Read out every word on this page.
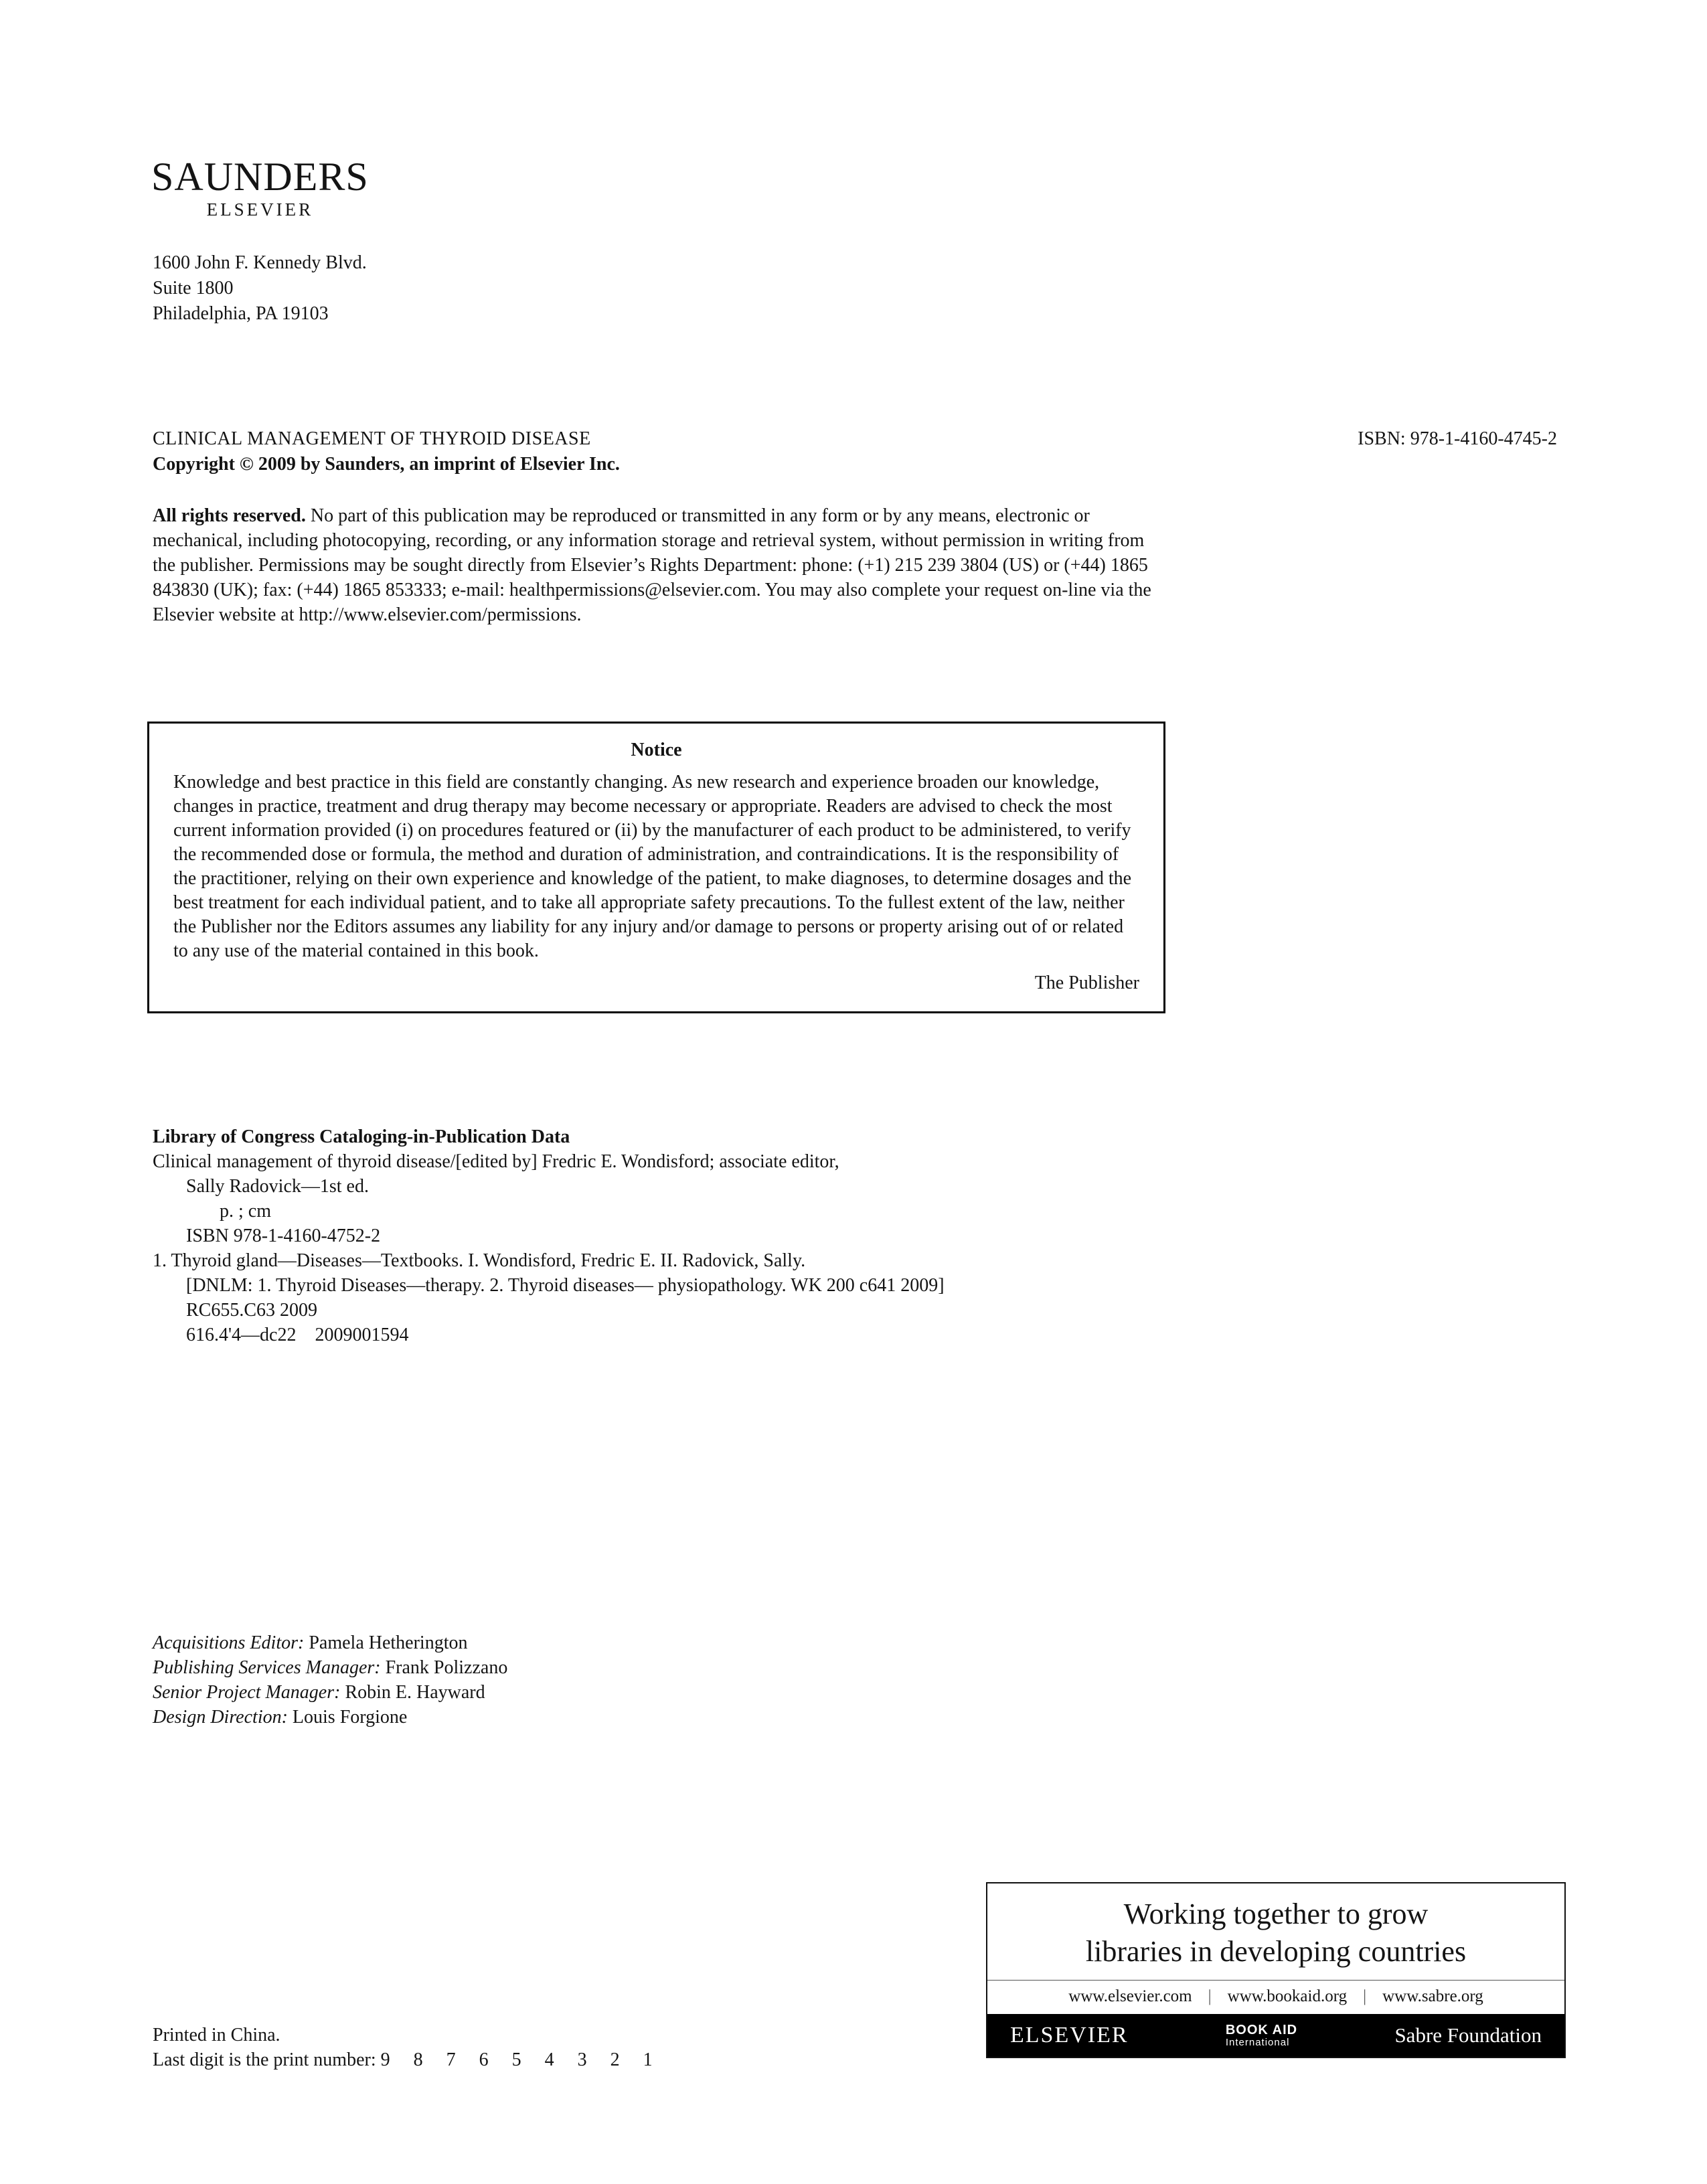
SAUNDERS
ELSEVIER
1600 John F. Kennedy Blvd.
Suite 1800
Philadelphia, PA 19103
CLINICAL MANAGEMENT OF THYROID DISEASE	ISBN: 978-1-4160-4745-2
Copyright © 2009 by Saunders, an imprint of Elsevier Inc.

All rights reserved. No part of this publication may be reproduced or transmitted in any form or by any means, electronic or mechanical, including photocopying, recording, or any information storage and retrieval system, without permission in writing from the publisher. Permissions may be sought directly from Elsevier’s Rights Department: phone: (+1) 215 239 3804 (US) or (+44) 1865 843830 (UK); fax: (+44) 1865 853333; e-mail: healthpermissions@elsevier.com. You may also complete your request on-line via the Elsevier website at http://www.elsevier.com/permissions.

Notice
Knowledge and best practice in this field are constantly changing. As new research and experience broaden our knowledge, changes in practice, treatment and drug therapy may become necessary or appropriate. Readers are advised to check the most current information provided (i) on procedures featured or (ii) by the manufacturer of each product to be administered, to verify the recommended dose or formula, the method and duration of administration, and contraindications. It is the responsibility of the practitioner, relying on their own experience and knowledge of the patient, to make diagnoses, to determine dosages and the best treatment for each individual patient, and to take all appropriate safety precautions. To the fullest extent of the law, neither the Publisher nor the Editors assumes any liability for any injury and/or damage to persons or property arising out of or related to any use of the material contained in this book.
The Publisher
Library of Congress Cataloging-in-Publication Data
Clinical management of thyroid disease/[edited by] Fredric E. Wondisford; associate editor,
Sally Radovick—1st ed.
p. ; cm
ISBN 978-1-4160-4752-2
1. Thyroid gland—Diseases—Textbooks. I. Wondisford, Fredric E. II. Radovick, Sally.
[DNLM: 1. Thyroid Diseases—therapy. 2. Thyroid diseases— physiopathology. WK 200 c641 2009]
RC655.C63 2009
616.4'4—dc22    2009001594
Acquisitions Editor: Pamela Hetherington
Publishing Services Manager: Frank Polizzano
Senior Project Manager: Robin E. Hayward
Design Direction: Louis Forgione
Working together to grow
libraries in developing countries
www.elsevier.com | www.bookaid.org | www.sabre.org
ELSEVIER	BOOK AID
International	Sabre Foundation
Printed in China.
Last digit is the print number: 9 8 7 6 5 4 3 2 1
